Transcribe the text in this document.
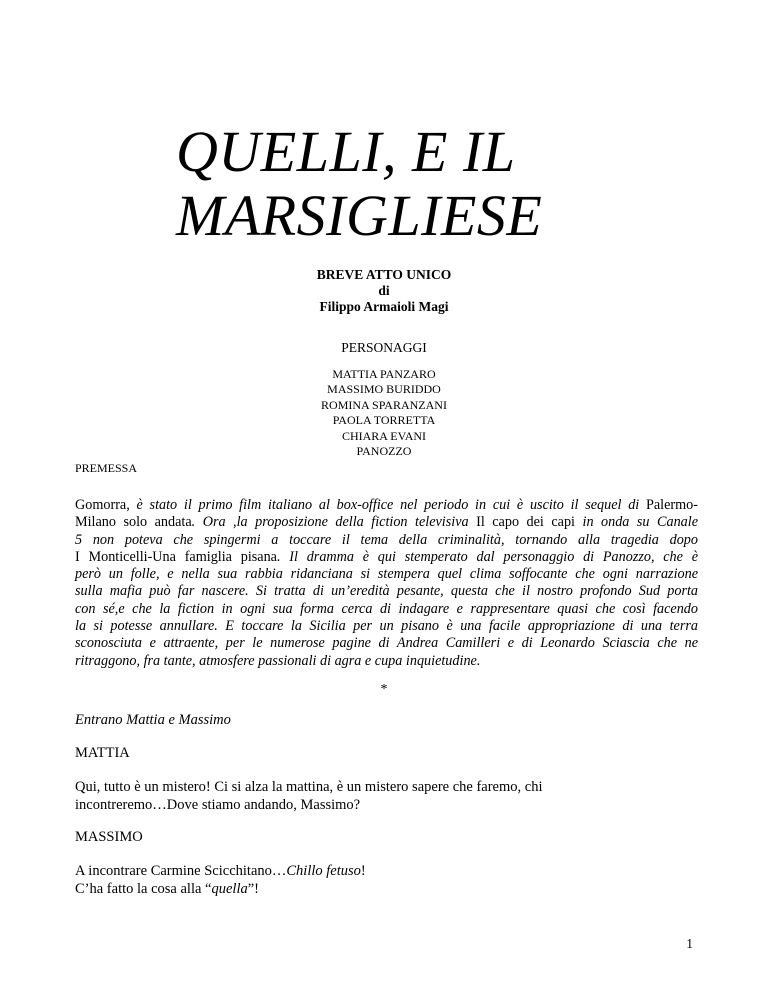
QUELLI, E IL
MARSIGLIESE
BREVE ATTO UNICO
di
Filippo Armaioli Magi
PERSONAGGI
MATTIA PANZARO
MASSIMO BURIDDO
ROMINA SPARANZANI
PAOLA TORRETTA
CHIARA EVANI
PANOZZO
PREMESSA
Gomorra, è stato il primo film italiano al box-office nel periodo in cui è uscito il sequel di Palermo-
Milano solo andata. Ora ,la proposizione della fiction televisiva Il capo dei capi in onda su Canale
5 non poteva che spingermi a toccare il tema della criminalità, tornando alla tragedia dopo
I Monticelli-Una famiglia pisana. Il dramma è qui stemperato dal personaggio di Panozzo, che è
però un folle, e nella sua rabbia ridanciana si stempera quel clima soffocante che ogni narrazione
sulla mafia può far nascere. Si tratta di un’eredità pesante, questa che il nostro profondo Sud porta
con sé,e che la fiction in ogni sua forma cerca di indagare e rappresentare quasi che così facendo
la si potesse annullare. E toccare la Sicilia per un pisano è una facile appropriazione di una terra
sconosciuta e attraente, per le numerose pagine di Andrea Camilleri e di Leonardo Sciascia che ne
ritraggono, fra tante, atmosfere passionali di agra e cupa inquietudine.
*
Entrano Mattia e Massimo
MATTIA
Qui, tutto è un mistero! Ci si alza la mattina, è un mistero sapere che faremo, chi
incontreremo…Dove stiamo andando, Massimo?
MASSIMO
A incontrare Carmine Scicchitano…Chillo fetuso!
C’ha fatto la cosa alla “quella”!
1
